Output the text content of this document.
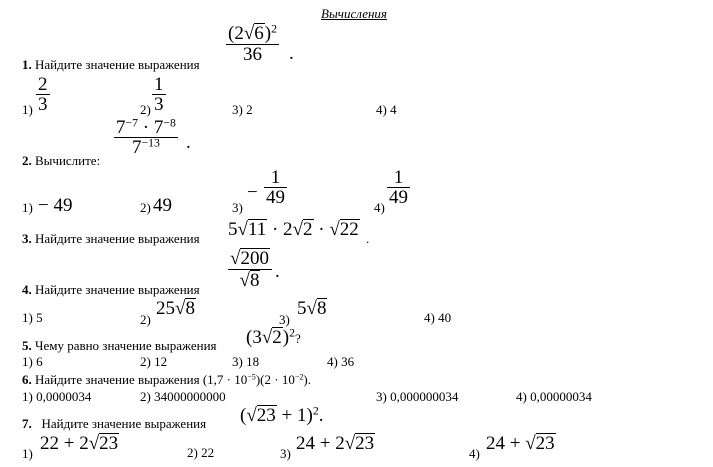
Вычисления
$\frac{(2√6)^2}{36}$ .
1. Найдите значение выражения
$1) \frac{2}{3}$	$2) \frac{1}{3}$	3) 2	4) 4
$\frac{7^{-7} \cdot 7^{-8}}{7^{-13}}$ .
2. Вычислите:
1) − 49	2) 49	3)
− $\frac{1}{49}$
4)
$\frac{1}{49}$
3. Найдите значение выражения 5√11 · 2√2 · √22 .
$\frac{√200}{√8}$ .
4. Найдите значение выражения
1) 5	2)
25√8
3)
5√8	4) 40
5. Чему равно значение выражения $(3√2)^2$?
1) 6	2) 12	3) 18	4) 36
6. Найдите значение выражения $(1,7 \cdot 10^{-5})(2 \cdot 10^{-2})$.
1) 0,0000034	2) 34000000000	3) 0,000000034	4) 0,00000034
7. Найдите значение выражения $(√23 + 1)^2$.
1) 22 + 2√23	2) 22	3) 24 + 2√23	4) 24 + √23
